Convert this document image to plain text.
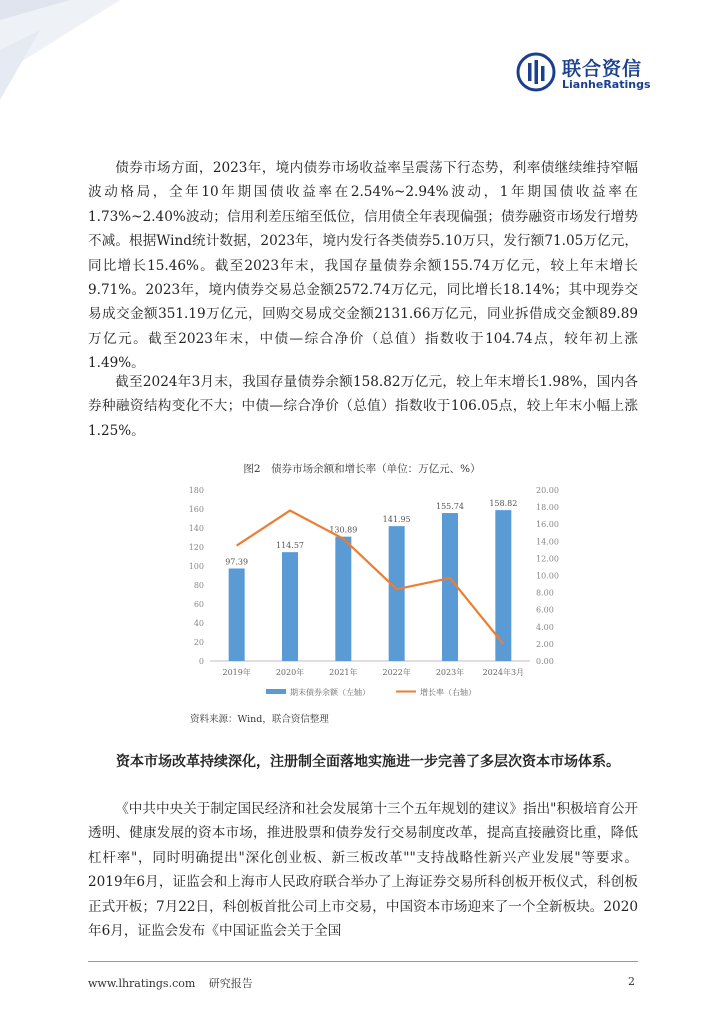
联合资信
LianheRatings

债券市场方面，2023年，境内债券市场收益率呈震荡下行态势，利率债继续维持窄幅波动格局，全年10年期国债收益率在2.54%~2.94%波动，1年期国债收益率在1.73%~2.40%波动；信用利差压缩至低位，信用债全年表现偏强；债券融资市场发行增势不减。根据Wind统计数据，2023年，境内发行各类债券5.10万只，发行额71.05万亿元，同比增长15.46%。截至2023年末，我国存量债券余额155.74万亿元，较上年末增长9.71%。2023年，境内债券交易总金额2572.74万亿元，同比增长18.14%；其中现券交易成交金额351.19万亿元，回购交易成交金额2131.66万亿元，同业拆借成交金额89.89万亿元。截至2023年末，中债—综合净价（总值）指数收于104.74点，较年初上涨1.49%。

截至2024年3月末，我国存量债券余额158.82万亿元，较上年末增长1.98%，国内各券种融资结构变化不大；中债—综合净价（总值）指数收于106.05点，较上年末小幅上涨1.25%。

图2　债券市场余额和增长率（单位：万亿元、%）
0
20
40
60
80
100
120
140
160
180
0.00
2.00
4.00
6.00
8.00
10.00
12.00
14.00
16.00
18.00
20.00
97.39
114.57
130.89
141.95
155.74	158.82
2019年	2020年	2021年	2022年	2023年 2024年3月
期末债券余额（左轴）	增长率（右轴）
资料来源：Wind，联合资信整理

资本市场改革持续深化，注册制全面落地实施进一步完善了多层次资本市场体系。

《中共中央关于制定国民经济和社会发展第十三个五年规划的建议》指出"积极培育公开透明、健康发展的资本市场，推进股票和债券发行交易制度改革，提高直接融资比重，降低杠杆率"，同时明确提出"深化创业板、新三板改革""支持战略性新兴产业发展"等要求。2019年6月，证监会和上海市人民政府联合举办了上海证券交易所科创板开板仪式，科创板正式开板；7月22日，科创板首批公司上市交易，中国资本市场迎来了一个全新板块。2020年6月，证监会发布《中国证监会关于全国

www.lhratings.com 研究报告	2
